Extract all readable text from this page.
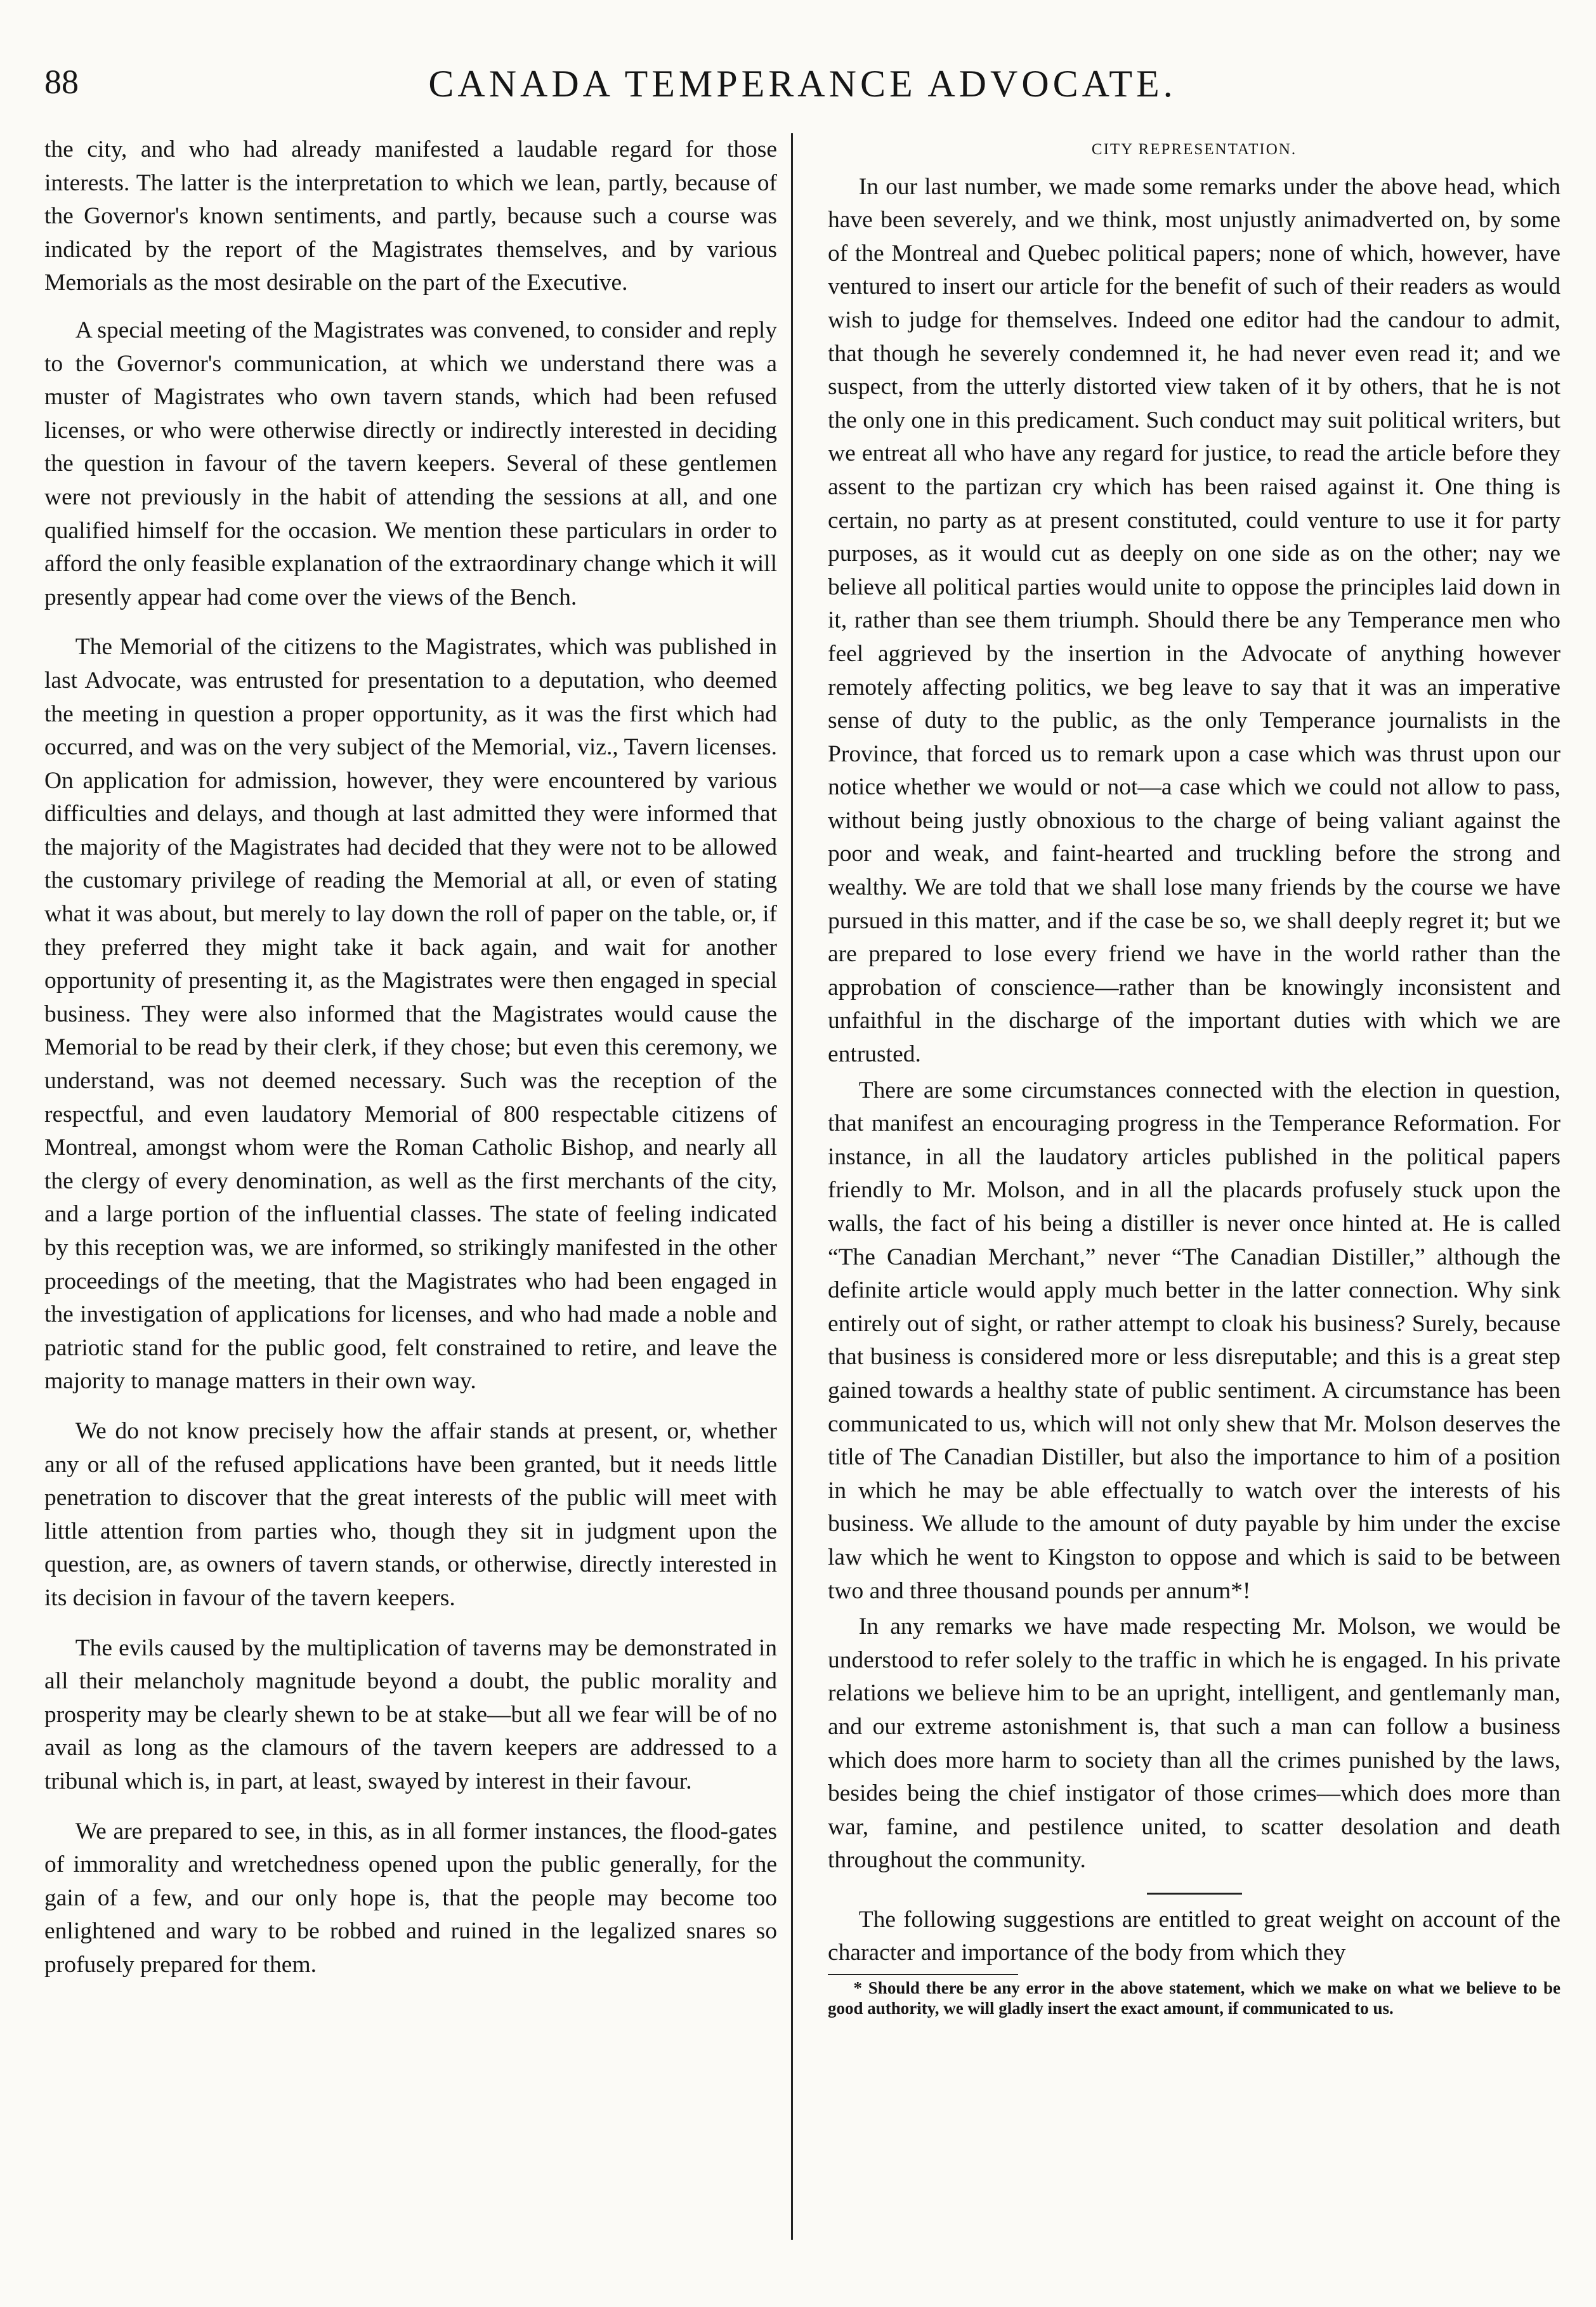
88	CANADA TEMPERANCE ADVOCATE.

the city, and who had already manifested a laudable regard for those interests. The latter is the interpretation to which we lean, partly, because of the Governor's known sentiments, and partly, because such a course was indicated by the report of the Magistrates themselves, and by various Memorials as the most desirable on the part of the Executive.

A special meeting of the Magistrates was convened, to consider and reply to the Governor's communication, at which we understand there was a muster of Magistrates who own tavern stands, which had been refused licenses, or who were otherwise directly or indirectly interested in deciding the question in favour of the tavern keepers. Several of these gentlemen were not previously in the habit of attending the sessions at all, and one qualified himself for the occasion. We mention these particulars in order to afford the only feasible explanation of the extraordinary change which it will presently appear had come over the views of the Bench.

The Memorial of the citizens to the Magistrates, which was published in last Advocate, was entrusted for presentation to a deputation, who deemed the meeting in question a proper opportunity, as it was the first which had occurred, and was on the very subject of the Memorial, viz., Tavern licenses. On application for admission, however, they were encountered by various difficulties and delays, and though at last admitted they were informed that the majority of the Magistrates had decided that they were not to be allowed the customary privilege of reading the Memorial at all, or even of stating what it was about, but merely to lay down the roll of paper on the table, or, if they preferred they might take it back again, and wait for another opportunity of presenting it, as the Magistrates were then engaged in special business. They were also informed that the Magistrates would cause the Memorial to be read by their clerk, if they chose; but even this ceremony, we understand, was not deemed necessary. Such was the reception of the respectful, and even laudatory Memorial of 800 respectable citizens of Montreal, amongst whom were the Roman Catholic Bishop, and nearly all the clergy of every denomination, as well as the first merchants of the city, and a large portion of the influential classes. The state of feeling indicated by this reception was, we are informed, so strikingly manifested in the other proceedings of the meeting, that the Magistrates who had been engaged in the investigation of applications for licenses, and who had made a noble and patriotic stand for the public good, felt constrained to retire, and leave the majority to manage matters in their own way.

We do not know precisely how the affair stands at present, or, whether any or all of the refused applications have been granted, but it needs little penetration to discover that the great interests of the public will meet with little attention from parties who, though they sit in judgment upon the question, are, as owners of tavern stands, or otherwise, directly interested in its decision in favour of the tavern keepers.

The evils caused by the multiplication of taverns may be demonstrated in all their melancholy magnitude beyond a doubt, the public morality and prosperity may be clearly shewn to be at stake—but all we fear will be of no avail as long as the clamours of the tavern keepers are addressed to a tribunal which is, in part, at least, swayed by interest in their favour.

We are prepared to see, in this, as in all former instances, the flood-gates of immorality and wretchedness opened upon the public generally, for the gain of a few, and our only hope is, that the people may become too enlightened and wary to be robbed and ruined in the legalized snares so profusely prepared for them.

CITY REPRESENTATION.

In our last number, we made some remarks under the above head, which have been severely, and we think, most unjustly animadverted on, by some of the Montreal and Quebec political papers; none of which, however, have ventured to insert our article for the benefit of such of their readers as would wish to judge for themselves. Indeed one editor had the candour to admit, that though he severely condemned it, he had never even read it; and we suspect, from the utterly distorted view taken of it by others, that he is not the only one in this predicament. Such conduct may suit political writers, but we entreat all who have any regard for justice, to read the article before they assent to the partizan cry which has been raised against it. One thing is certain, no party as at present constituted, could venture to use it for party purposes, as it would cut as deeply on one side as on the other; nay we believe all political parties would unite to oppose the principles laid down in it, rather than see them triumph. Should there be any Temperance men who feel aggrieved by the insertion in the Advocate of anything however remotely affecting politics, we beg leave to say that it was an imperative sense of duty to the public, as the only Temperance journalists in the Province, that forced us to remark upon a case which was thrust upon our notice whether we would or not—a case which we could not allow to pass, without being justly obnoxious to the charge of being valiant against the poor and weak, and faint-hearted and truckling before the strong and wealthy. We are told that we shall lose many friends by the course we have pursued in this matter, and if the case be so, we shall deeply regret it; but we are prepared to lose every friend we have in the world rather than the approbation of conscience—rather than be knowingly inconsistent and unfaithful in the discharge of the important duties with which we are entrusted.

There are some circumstances connected with the election in question, that manifest an encouraging progress in the Temperance Reformation. For instance, in all the laudatory articles published in the political papers friendly to Mr. Molson, and in all the placards profusely stuck upon the walls, the fact of his being a distiller is never once hinted at. He is called “The Canadian Merchant,” never “The Canadian Distiller,” although the definite article would apply much better in the latter connection. Why sink entirely out of sight, or rather attempt to cloak his business? Surely, because that business is considered more or less disreputable; and this is a great step gained towards a healthy state of public sentiment. A circumstance has been communicated to us, which will not only shew that Mr. Molson deserves the title of The Canadian Distiller, but also the importance to him of a position in which he may be able effectually to watch over the interests of his business. We allude to the amount of duty payable by him under the excise law which he went to Kingston to oppose and which is said to be between two and three thousand pounds per annum*!

In any remarks we have made respecting Mr. Molson, we would be understood to refer solely to the traffic in which he is engaged. In his private relations we believe him to be an upright, intelligent, and gentlemanly man, and our extreme astonishment is, that such a man can follow a business which does more harm to society than all the crimes punished by the laws, besides being the chief instigator of those crimes—which does more than war, famine, and pestilence united, to scatter desolation and death throughout the community.

The following suggestions are entitled to great weight on account of the character and importance of the body from which they

* Should there be any error in the above statement, which we make on what we believe to be good authority, we will gladly insert the exact amount, if communicated to us.
